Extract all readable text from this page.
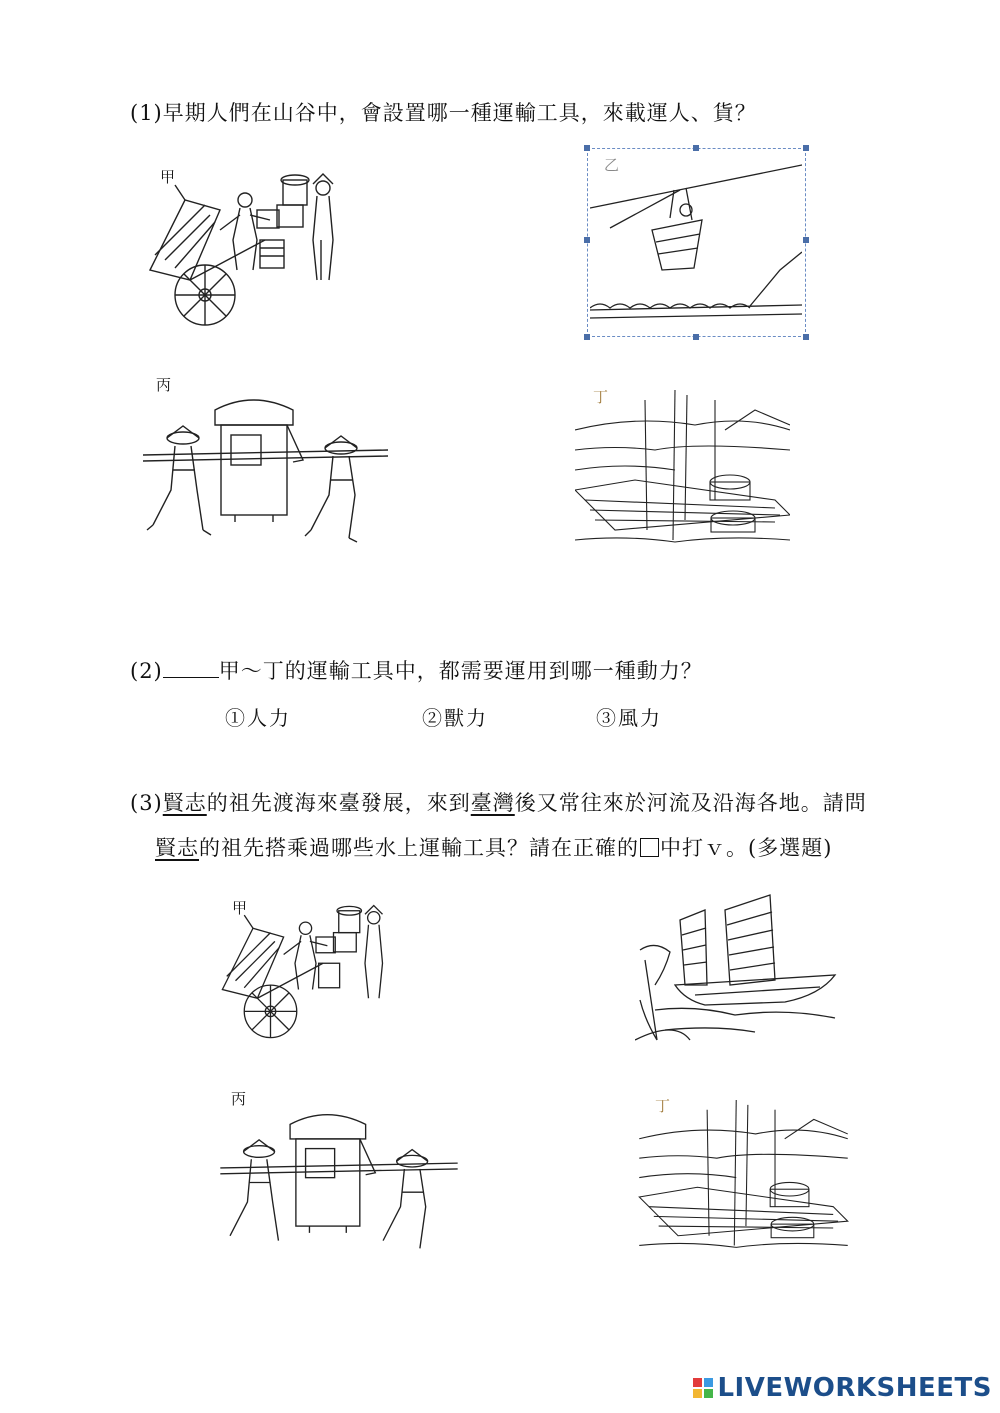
(1)早期人們在山谷中，會設置哪一種運輸工具，來載運人、貨？
甲
乙
丙
丁
(2)	甲～丁的運輸工具中，都需要運用到哪一種動力？
①人力	②獸力	③風力
(3)賢志的祖先渡海來臺發展，來到臺灣後又常往來於河流及沿海各地。請問
賢志的祖先搭乘過哪些水上運輸工具？請在正確的 中打ｖ。(多選題)
甲
丙	丁
LIVEWORKSHEETS
